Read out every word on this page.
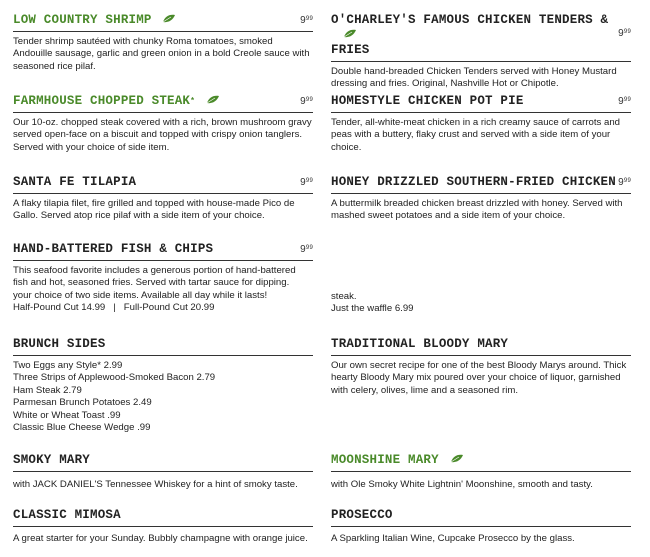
LOW COUNTRY SHRIMP	$9^{99}$
Tender shrimp sautéed with chunky Roma tomatoes, smoked Andouille sausage, garlic and green onion in a bold Creole sauce with seasoned rice pilaf.
O'CHARLEY'S FAMOUS CHICKEN TENDERS &
FRIES
$9^{99}$
Double hand-breaded Chicken Tenders served with Honey Mustard dressing and fries. Original, Nashville Hot or Chipotle.
FARMHOUSE CHOPPED STEAK*	$9^{99}$
Our 10-oz. chopped steak covered with a rich, brown mushroom gravy served open-face on a biscuit and topped with crispy onion tanglers. Served with your choice of side item.
HOMESTYLE CHICKEN POT PIE	$9^{99}$
Tender, all-white-meat chicken in a rich creamy sauce of carrots and peas with a buttery, flaky crust and served with a side item of your choice.
SANTA FE TILAPIA	$9^{99}$
A flaky tilapia filet, fire grilled and topped with house-made Pico de Gallo. Served atop rice pilaf with a side item of your choice.
HONEY DRIZZLED SOUTHERN-FRIED CHICKEN $9^{99}$
A buttermilk breaded chicken breast drizzled with honey. Served with mashed sweet potatoes and a side item of your choice.
HAND-BATTERED FISH & CHIPS	$9^{99}$
This seafood favorite includes a generous portion of hand-battered fish and hot, seasoned fries. Served with tartar sauce for dipping.
your choice of two side items. Available all day while it lasts!
Half-Pound Cut 14.99   |   Full-Pound Cut 20.99
steak.
Just the waffle 6.99
BRUNCH SIDES
Two Eggs any Style* 2.99
Three Strips of Applewood-Smoked Bacon 2.79
Ham Steak 2.79
Parmesan Brunch Potatoes 2.49
White or Wheat Toast .99
Classic Blue Cheese Wedge .99
TRADITIONAL BLOODY MARY
Our own secret recipe for one of the best Bloody Marys around. Thick hearty Bloody Mary mix poured over your choice of liquor, garnished with celery, olives, lime and a seasoned rim.
SMOKY MARY
with JACK DANIEL'S Tennessee Whiskey for a hint of smoky taste.
MOONSHINE MARY
with Ole Smoky White Lightnin' Moonshine, smooth and tasty.
CLASSIC MIMOSA
A great starter for your Sunday. Bubbly champagne with orange juice.
PROSECCO
A Sparkling Italian Wine, Cupcake Prosecco by the glass.
